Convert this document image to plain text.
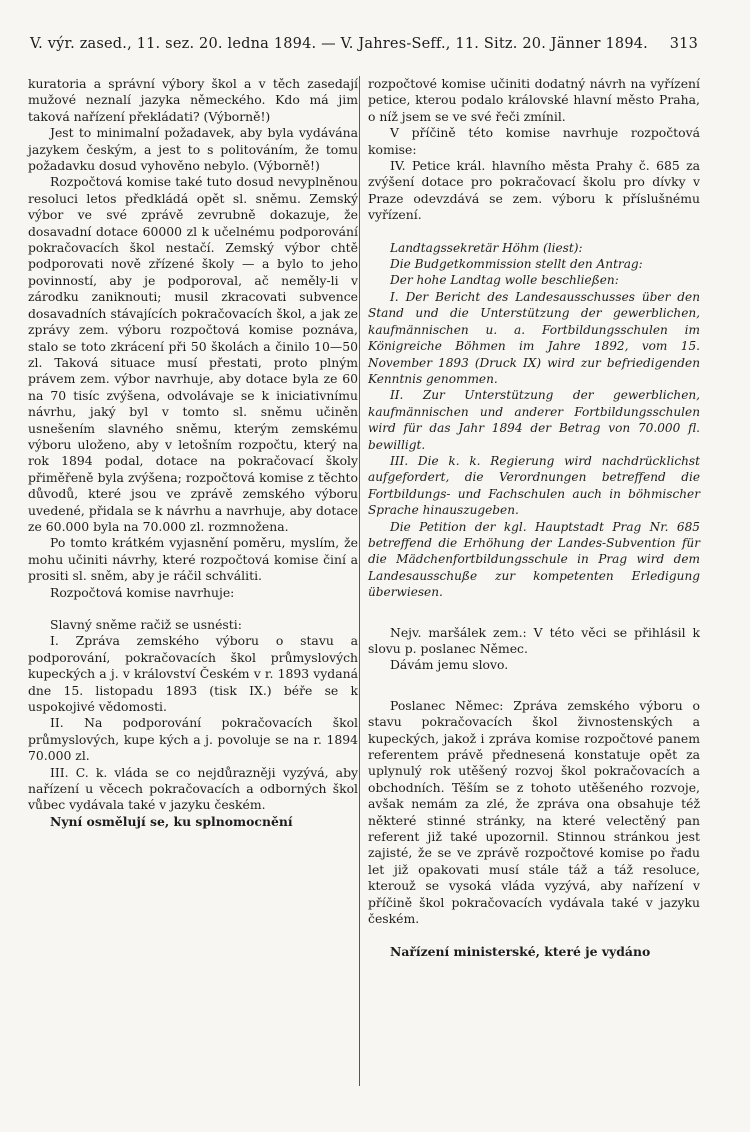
V. výr. zased., 11. sez. 20. ledna 1894. — V. Jahres-Seff., 11. Sitz. 20. Jänner 1894. 313

kuratoria a správní výbory škol a v těch zasedají mužové neznalí jazyka německého. Kdo má jim taková nařízení překládati? (Výborně!)

Jest to minimalní požadavek, aby byla vydávána jazykem českým, a jest to s politováním, že tomu požadavku dosud vyhověno nebylo. (Výborně!)

Rozpočtová komise také tuto dosud nevyplněnou resoluci letos předkládá opět sl. sněmu. Zemský výbor ve své zprávě zevrubně dokazuje, že dosavadní dotace 60000 zl k učelnému podporování pokračovacích škol nestačí. Zemský výbor chtě podporovati nově zřízené školy — a bylo to jeho povinností, aby je podporoval, ač neměly-li v zárodku zaniknouti; musil zkracovati subvence dosavadních stávajících pokračovacích škol, a jak ze zprávy zem. výboru rozpočtová komise poznáva, stalo se toto zkrácení při 50 školách a činilo 10—50 zl. Taková situace musí přestati, proto plným právem zem. výbor navrhuje, aby dotace byla ze 60 na 70 tisíc zvýšena, odvolávaje se k iniciativnímu návrhu, jaký byl v tomto sl. sněmu učiněn usnešením slavného sněmu, kterým zemskému výboru uloženo, aby v letošním rozpočtu, který na rok 1894 podal, dotace na pokračovací školy přiměřeně byla zvýšena; rozpočtová komise z těchto důvodů, které jsou ve zprávě zemského výboru uvedené, přidala se k návrhu a navrhuje, aby dotace ze 60.000 byla na 70.000 zl. rozmnožena.

Po tomto krátkém vyjasnění poměru, myslím, že mohu učiniti návrhy, které rozpočtová komise činí a prositi sl. sněm, aby je ráčil schváliti.

Rozpočtová komise navrhuje:

Slavný sněme račiž se usnésti:

I. Zpráva zemského výboru o stavu a podporování, pokračovacích škol průmyslových kupeckých a j. v království Českém v r. 1893 vydaná dne 15. listopadu 1893 (tisk IX.) béře se k uspokojivé vědomosti.

II. Na podporování pokračovacích škol průmyslových, kupe kých a j. povoluje se na r. 1894 70.000 zl.

III. C. k. vláda se co nejdůrazněji vyzývá, aby nařízení u věcech pokračovacích a odborných škol vůbec vydávala také v jazyku českém.

Nyní osmělují se, ku splnomocnění

rozpočtové komise učiniti dodatný návrh na vyřízení petice, kterou podalo královské hlavní město Praha, o níž jsem se ve své řeči zmínil.

V příčině této komise navrhuje rozpočtová komise:

IV. Petice král. hlavního města Prahy č. 685 za zvýšení dotace pro pokračovací školu pro dívky v Praze odevzdává se zem. výboru k příslušnému vyřízení.

Landtagssekretär Höhm (liest):

Die Budgetkommission stellt den Antrag:

Der hohe Landtag wolle beschließen:

I. Der Bericht des Landesausschusses über den Stand und die Unterstützung der gewerblichen, kaufmännischen u. a. Fortbildungsschulen im Königreiche Böhmen im Jahre 1892, vom 15. November 1893 (Druck IX) wird zur befriedigenden Kenntnis genommen.

II. Zur Unterstützung der gewerblichen, kaufmännischen und anderer Fortbildungsschulen wird für das Jahr 1894 der Betrag von 70.000 fl. bewilligt.

III. Die k. k. Regierung wird nachdrücklichst aufgefordert, die Verordnungen betreffend die Fortbildungs- und Fachschulen auch in böhmischer Sprache hinauszugeben.

Die Petition der kgl. Hauptstadt Prag Nr. 685 betreffend die Erhöhung der Landes-Subvention für die Mädchenfortbildungsschule in Prag wird dem Landesausschuße zur kompetenten Erledigung überwiesen.

Nejv. maršálek zem.: V této věci se přihlásil k slovu p. poslanec Němec.

Dávám jemu slovo.

Poslanec Němec: Zpráva zemského výboru o stavu pokračovacích škol živnostenských a kupeckých, jakož i zpráva komise rozpočtové panem referentem právě přednesená konstatuje opět za uplynulý rok utěšený rozvoj škol pokračovacích a obchodních. Těším se z tohoto utěšeného rozvoje, avšak nemám za zlé, že zpráva ona obsahuje též některé stinné stránky, na které velectěný pan referent již také upozornil. Stinnou stránkou jest zajisté, že se ve zprávě rozpočtové komise po řadu let již opakovati musí stále táž a táž resoluce, kterouž se vysoká vláda vyzývá, aby nařízení v příčině škol pokračovacích vydávala také v jazyku českém.

Nařízení ministerské, které je vydáno
